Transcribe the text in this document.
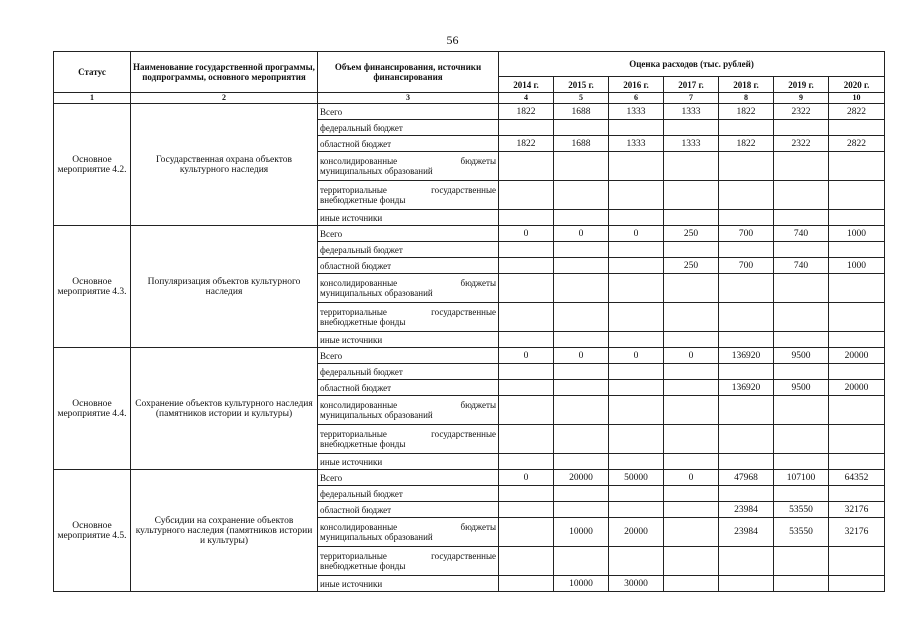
56
Статус	Наименование государственной программы, подпрограммы, основного мероприятия	Объем финансирования, источники финансирования	Оценка расходов (тыс. рублей)						
			2014 г.	2015 г.	2016 г.	2017 г.	2018 г.	2019 г.	2020 г.
1	2	3	4	5	6	7	8	9	10
Основное мероприятие 4.2.	Государственная охрана объектов культурного наследия	Всего	1822	1688	1333	1333	1822	2322	2822
		федеральный бюджет							
		областной бюджет	1822	1688	1333	1333	1822	2322	2822
		консолидированные бюджеты муниципальных образований							
		территориальные государственные внебюджетные фонды							
		иные источники							
Основное мероприятие 4.3.	Популяризация объектов культурного наследия	Всего	0	0	0	250	700	740	1000
		федеральный бюджет							
		областной бюджет				250	700	740	1000
		консолидированные бюджеты муниципальных образований							
		территориальные государственные внебюджетные фонды							
		иные источники							
Основное мероприятие 4.4.	Сохранение объектов культурного наследия (памятников истории и культуры)	Всего	0	0	0	0	136920	9500	20000
		федеральный бюджет							
		областной бюджет					136920	9500	20000
		консолидированные бюджеты муниципальных образований							
		территориальные государственные внебюджетные фонды							
		иные источники							
Основное мероприятие 4.5.	Субсидии на сохранение объектов культурного наследия (памятников истории и культуры)	Всего	0	20000	50000	0	47968	107100	64352
		федеральный бюджет							
		областной бюджет					23984	53550	32176
		консолидированные бюджеты муниципальных образований		10000	20000		23984	53550	32176
		территориальные государственные внебюджетные фонды							
		иные источники		10000	30000				
